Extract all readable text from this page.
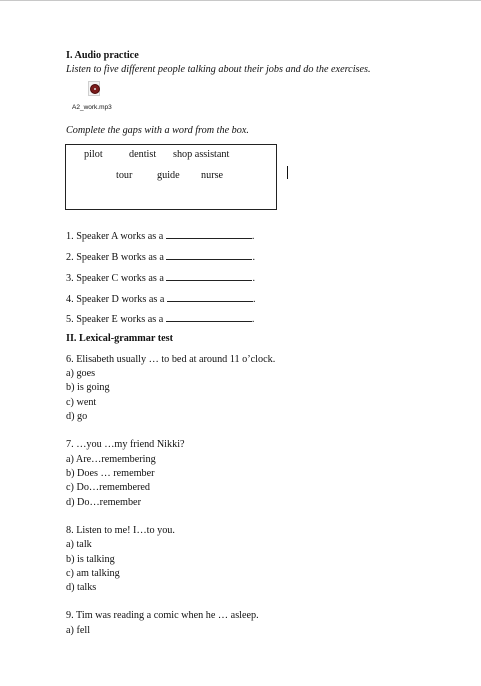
I. Audio practice
Listen to five different people talking about their jobs and do the exercises.
A2_work.mp3
Complete the gaps with a word from the box.
pilot	dentist shop assistant
tour guide nurse
1. Speaker A works as a	.
2. Speaker B works as a	.
3. Speaker C works as a	.
4. Speaker D works as a	.
5. Speaker E works as a	.
II. Lexical-grammar test
6. Elisabeth usually … to bed at around 11 o’clock.
a) goes
b) is going
c) went
d) go
7. …you …my friend Nikki?
a) Are…remembering
b) Does … remember
c) Do…remembered
d) Do…remember
8. Listen to me! I…to you.
a) talk
b) is talking
c) am talking
d) talks
9. Tim was reading a comic when he … asleep.
a) fell
